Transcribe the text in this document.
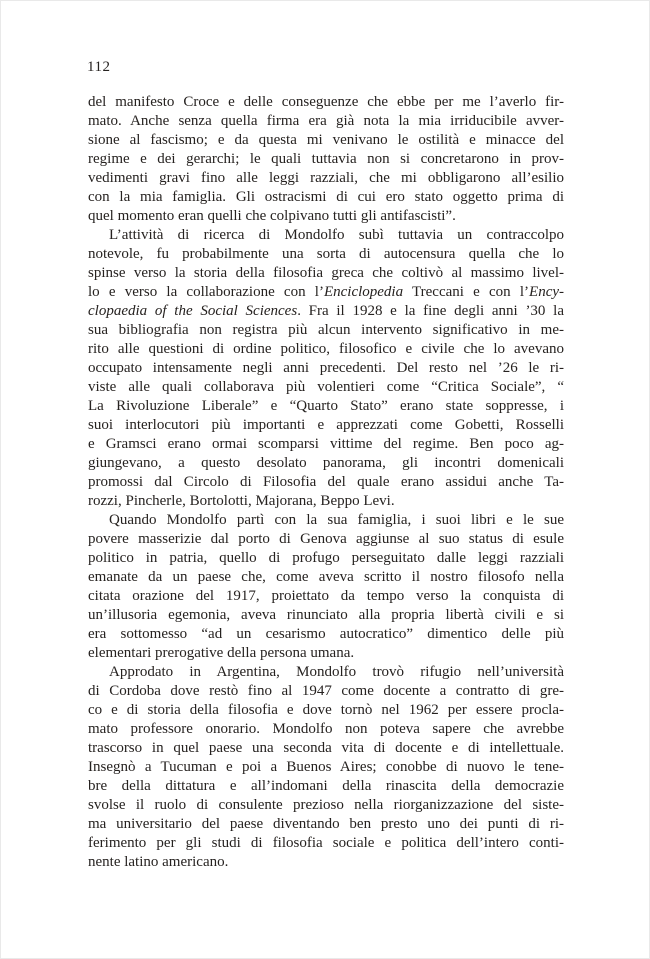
112
del manifesto Croce e delle conseguenze che ebbe per me l’averlo fir-
mato. Anche senza quella firma era già nota la mia irriducibile avver-
sione al fascismo; e da questa mi venivano le ostilità e minacce del
regime e dei gerarchi; le quali tuttavia non si concretarono in prov-
vedimenti gravi fino alle leggi razziali, che mi obbligarono all’esilio
con la mia famiglia. Gli ostracismi di cui ero stato oggetto prima di
quel momento eran quelli che colpivano tutti gli antifascisti”.
L’attività di ricerca di Mondolfo subì tuttavia un contraccolpo
notevole, fu probabilmente una sorta di autocensura quella che lo
spinse verso la storia della filosofia greca che coltivò al massimo livel-
lo e verso la collaborazione con l’Enciclopedia Treccani e con l’Ency-
clopaedia of the Social Sciences. Fra il 1928 e la fine degli anni ’30 la
sua bibliografia non registra più alcun intervento significativo in me-
rito alle questioni di ordine politico, filosofico e civile che lo avevano
occupato intensamente negli anni precedenti. Del resto nel ’26 le ri-
viste alle quali collaborava più volentieri come “Critica Sociale”, “
La Rivoluzione Liberale” e “Quarto Stato” erano state soppresse, i
suoi interlocutori più importanti e apprezzati come Gobetti, Rosselli
e Gramsci erano ormai scomparsi vittime del regime. Ben poco ag-
giungevano, a questo desolato panorama, gli incontri domenicali
promossi dal Circolo di Filosofia del quale erano assidui anche Ta-
rozzi, Pincherle, Bortolotti, Majorana, Beppo Levi.
Quando Mondolfo partì con la sua famiglia, i suoi libri e le sue
povere masserizie dal porto di Genova aggiunse al suo status di esule
politico in patria, quello di profugo perseguitato dalle leggi razziali
emanate da un paese che, come aveva scritto il nostro filosofo nella
citata orazione del 1917, proiettato da tempo verso la conquista di
un’illusoria egemonia, aveva rinunciato alla propria libertà civili e si
era sottomesso “ad un cesarismo autocratico” dimentico delle più
elementari prerogative della persona umana.
Approdato in Argentina, Mondolfo trovò rifugio nell’università
di Cordoba dove restò fino al 1947 come docente a contratto di gre-
co e di storia della filosofia e dove tornò nel 1962 per essere procla-
mato professore onorario. Mondolfo non poteva sapere che avrebbe
trascorso in quel paese una seconda vita di docente e di intellettuale.
Insegnò a Tucuman e poi a Buenos Aires; conobbe di nuovo le tene-
bre della dittatura e all’indomani della rinascita della democrazie
svolse il ruolo di consulente prezioso nella riorganizzazione del siste-
ma universitario del paese diventando ben presto uno dei punti di ri-
ferimento per gli studi di filosofia sociale e politica dell’intero conti-
nente latino americano.
